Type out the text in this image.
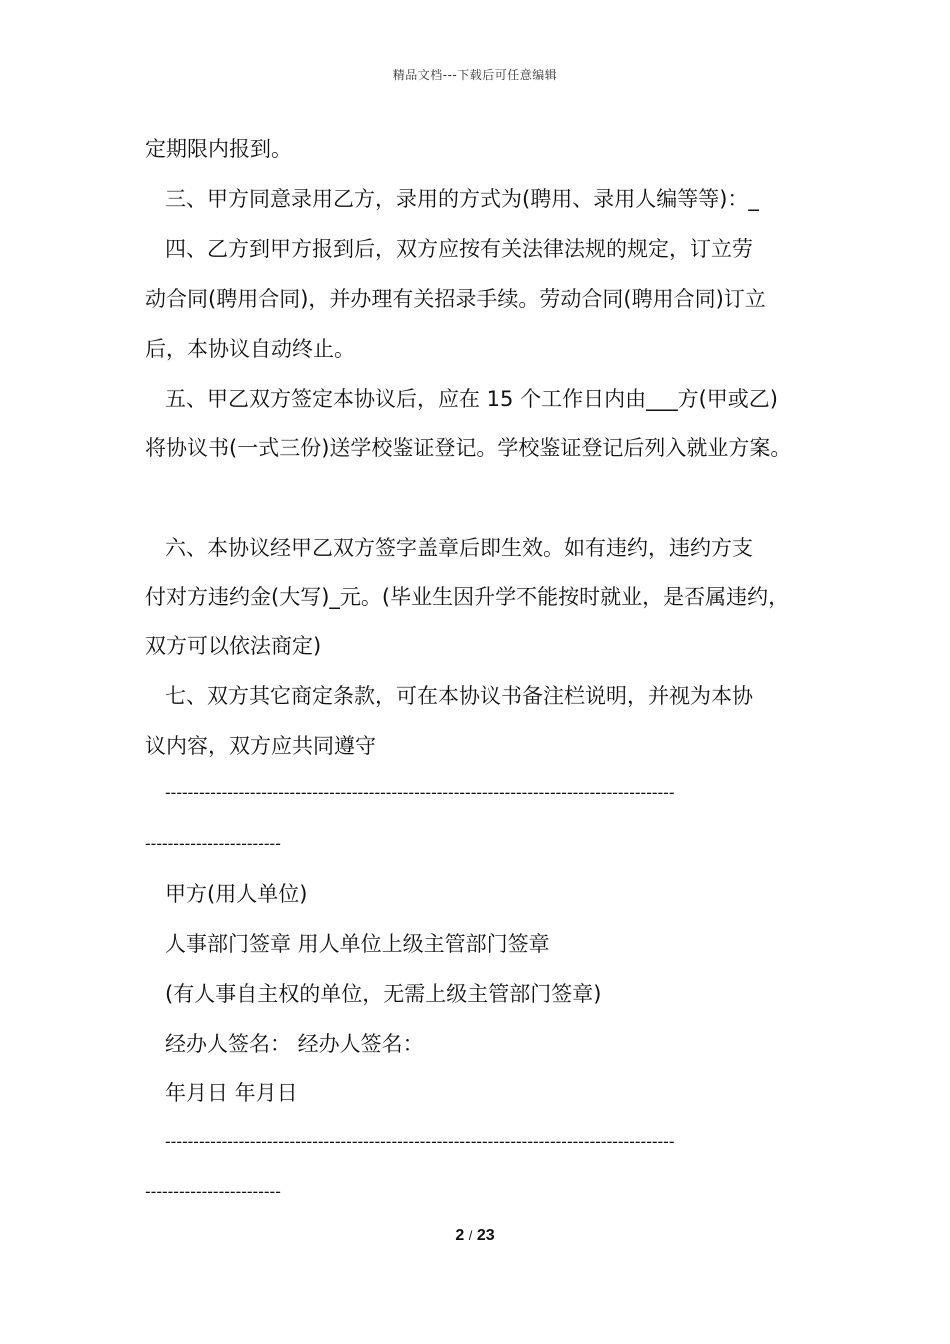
精品文档---下载后可任意编辑
定期限内报到。
三、甲方同意录用乙方，录用的方式为(聘用、录用人编等等)：_
四、乙方到甲方报到后，双方应按有关法律法规的规定，订立劳
动合同(聘用合同)，并办理有关招录手续。劳动合同(聘用合同)订立
后，本协议自动终止。
五、甲乙双方签定本协议后，应在 15 个工作日内由___方(甲或乙)
将协议书(一式三份)送学校鉴证登记。学校鉴证登记后列入就业方案。
六、本协议经甲乙双方签字盖章后即生效。如有违约，违约方支
付对方违约金(大写)_元。(毕业生因升学不能按时就业，是否属违约，
双方可以依法商定)
七、双方其它商定条款，可在本协议书备注栏说明，并视为本协
议内容，双方应共同遵守
------------------------------------------------------------------------------------------
------------------------
甲方(用人单位)
人事部门签章 用人单位上级主管部门签章
(有人事自主权的单位，无需上级主管部门签章)
经办人签名： 经办人签名：
年月日 年月日
------------------------------------------------------------------------------------------
------------------------
2 / 23
